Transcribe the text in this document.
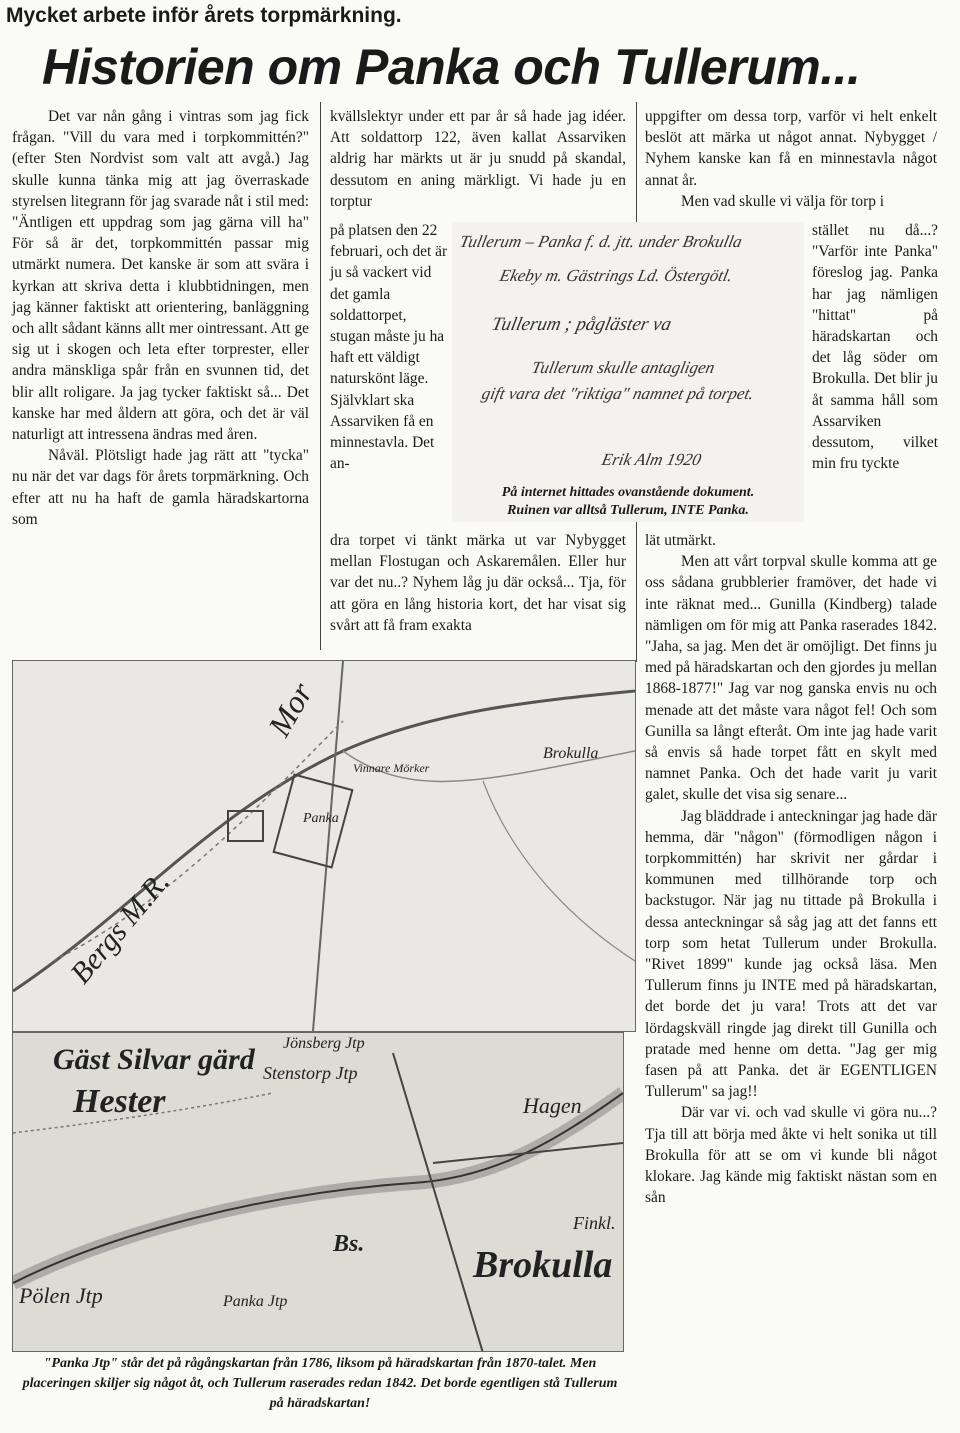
Mycket arbete inför årets torpmärkning.
Historien om Panka och Tullerum...

Det var nån gång i vintras som jag fick frågan. "Vill du vara med i torpkommittén?" (efter Sten Nordvist som valt att avgå.) Jag skulle kunna tänka mig att jag överraskade styrelsen litegrann för jag svarade nåt i stil med: "Äntligen ett uppdrag som jag gärna vill ha" För så är det, torpkommittén passar mig utmärkt numera. Det kanske är som att svära i kyrkan att skriva detta i klubbtidningen, men jag känner faktiskt att orientering, banläggning och allt sådant känns allt mer ointressant. Att ge sig ut i skogen och leta efter torprester, eller andra mänskliga spår från en svunnen tid, det blir allt roligare. Ja jag tycker faktiskt så... Det kanske har med åldern att göra, och det är väl naturligt att intressena ändras med åren.

Nåväl. Plötsligt hade jag rätt att "tycka" nu när det var dags för årets torpmärkning. Och efter att nu ha haft de gamla häradskartorna som

kvällslektyr under ett par år så hade jag idéer. Att soldattorp 122, även kallat Assarviken aldrig har märkts ut är ju snudd på skandal, dessutom en aning märkligt. Vi hade ju en torptur

på platsen den 22 februari, och det är ju så vackert vid det gamla soldattorpet, stugan måste ju ha haft ett väldigt naturskönt läge. Självklart ska Assarviken få en minnestavla. Det an-

dra torpet vi tänkt märka ut var Nybygget mellan Flostugan och Askaremålen. Eller hur var det nu..? Nyhem låg ju där också... Tja, för att göra en lång historia kort, det har visat sig svårt att få fram exakta

uppgifter om dessa torp, varför vi helt enkelt beslöt att märka ut något annat. Nybygget / Nyhem kanske kan få en minnestavla något annat år.

Men vad skulle vi välja för torp i

stället nu då...? "Varför inte Panka" föreslog jag. Panka har jag nämligen "hittat" på häradskartan och det låg söder om Brokulla. Det blir ju åt samma håll som Assarviken dessutom, vilket min fru tyckte

lät utmärkt.

Men att vårt torpval skulle komma att ge oss sådana grubblerier framöver, det hade vi inte räknat med... Gunilla (Kindberg) talade nämligen om för mig att Panka raserades 1842. "Jaha, sa jag. Men det är omöjligt. Det finns ju med på häradskartan och den gjordes ju mellan 1868-1877!" Jag var nog ganska envis nu och menade att det måste vara något fel! Och som Gunilla sa långt efteråt. Om inte jag hade varit så envis så hade torpet fått en skylt med namnet Panka. Och det hade varit ju varit galet, skulle det visa sig senare...

Jag bläddrade i anteckningar jag hade där hemma, där "någon" (förmodligen någon i torpkommittén) har skrivit ner gårdar i kommunen med tillhörande torp och backstugor. När jag nu tittade på Brokulla i dessa anteckningar så såg jag att det fanns ett torp som hetat Tullerum under Brokulla. "Rivet 1899" kunde jag också läsa. Men Tullerum finns ju INTE med på häradskartan, det borde det ju vara! Trots att det var lördagskväll ringde jag direkt till Gunilla och pratade med henne om detta. "Jag ger mig fasen på att Panka. det är EGENTLIGEN Tullerum" sa jag!!

Där var vi. och vad skulle vi göra nu...? Tja till att börja med åkte vi helt sonika ut till Brokulla för att se om vi kunde bli något klokare. Jag kände mig faktiskt nästan som en sån

Tullerum – Panka f. d. jtt. under Brokulla
Ekeby m. Gästrings Ld. Östergötl.
Tullerum ; pågläster va
Tullerum skulle antagligen
gift vara det "riktiga" namnet på torpet.
Erik Alm 1920
På internet hittades ovanstående dokument.
Ruinen var alltså Tullerum, INTE Panka.
Panka
Brokulla
Bergs M.R.
Vinnare Mörker
Mor
Hester
Gäst Silvar gärd Jönsberg Jtp
Stenstorp Jtp
Hagen
Brokulla
Pölen Jtp	Panka Jtp
Bs.
Finkl.
"Panka Jtp" står det på rågångskartan från 1786, liksom på häradskartan från 1870-talet. Men placeringen skiljer sig något åt, och Tullerum raserades redan 1842. Det borde egentligen stå Tullerum på häradskartan!
